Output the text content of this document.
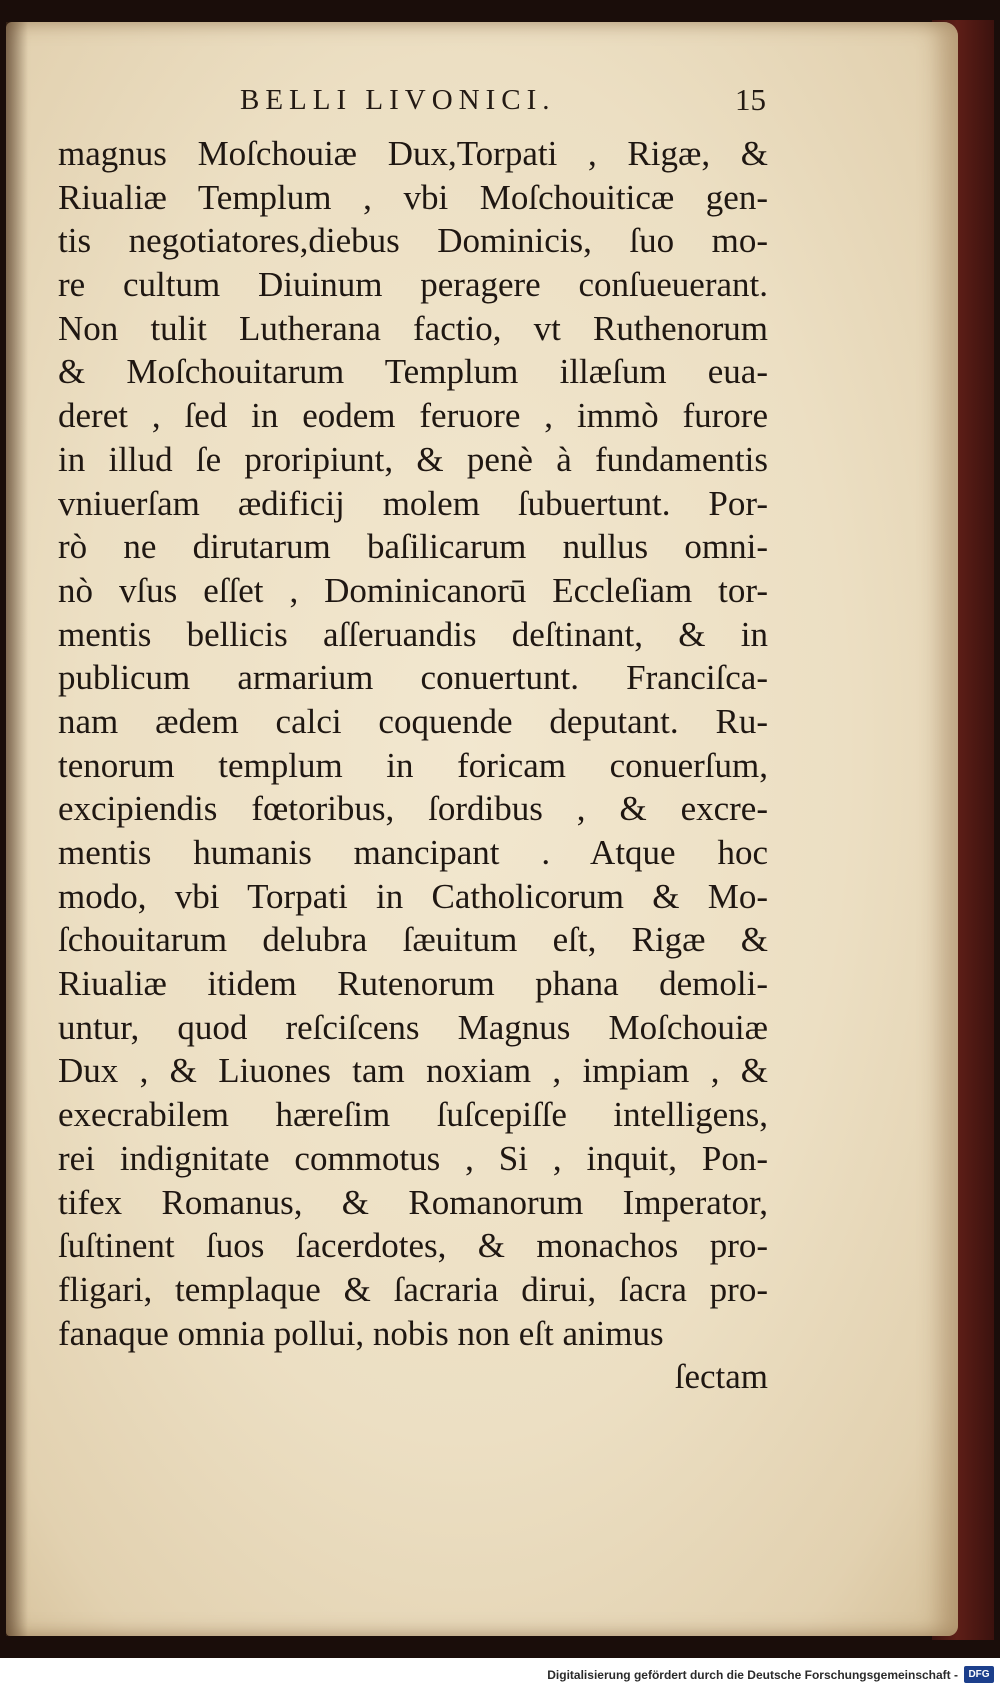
BELLI LIVONICI.	15
magnus Moſchouiæ Dux,Torpati , Rigæ, &
Riualiæ Templum , vbi Moſchouiticæ gen-
tis negotiatores,diebus Dominicis, ſuo mo-
re cultum Diuinum peragere conſueuerant.
Non tulit Lutherana factio, vt Ruthenorum
& Moſchouitarum Templum illæſum eua-
deret , ſed in eodem feruore , immò furore
in illud ſe proripiunt, & penè à fundamentis
vniuerſam ædificij molem ſubuertunt. Por-
rò ne dirutarum baſilicarum nullus omni-
nò vſus eſſet , Dominicanorū Eccleſiam tor-
mentis bellicis aſſeruandis deſtinant, & in
publicum armarium conuertunt. Franciſca-
nam ædem calci coquende deputant. Ru-
tenorum templum in foricam conuerſum,
excipiendis fœtoribus, ſordibus , & excre-
mentis humanis mancipant . Atque hoc
modo, vbi Torpati in Catholicorum & Mo-
ſchouitarum delubra ſæuitum eſt, Rigæ &
Riualiæ itidem Rutenorum phana demoli-
untur, quod reſciſcens Magnus Moſchouiæ
Dux , & Liuones tam noxiam , impiam , &
execrabilem hæreſim ſuſcepiſſe intelligens,
rei indignitate commotus , Si , inquit, Pon-
tifex Romanus, & Romanorum Imperator,
ſuſtinent ſuos ſacerdotes, & monachos pro-
fligari, templaque & ſacraria dirui, ſacra pro-
fanaque omnia pollui, nobis non eſt animus
ſectam
Digitalisierung gefördert durch die Deutsche Forschungsgemeinschaft -	DFG
